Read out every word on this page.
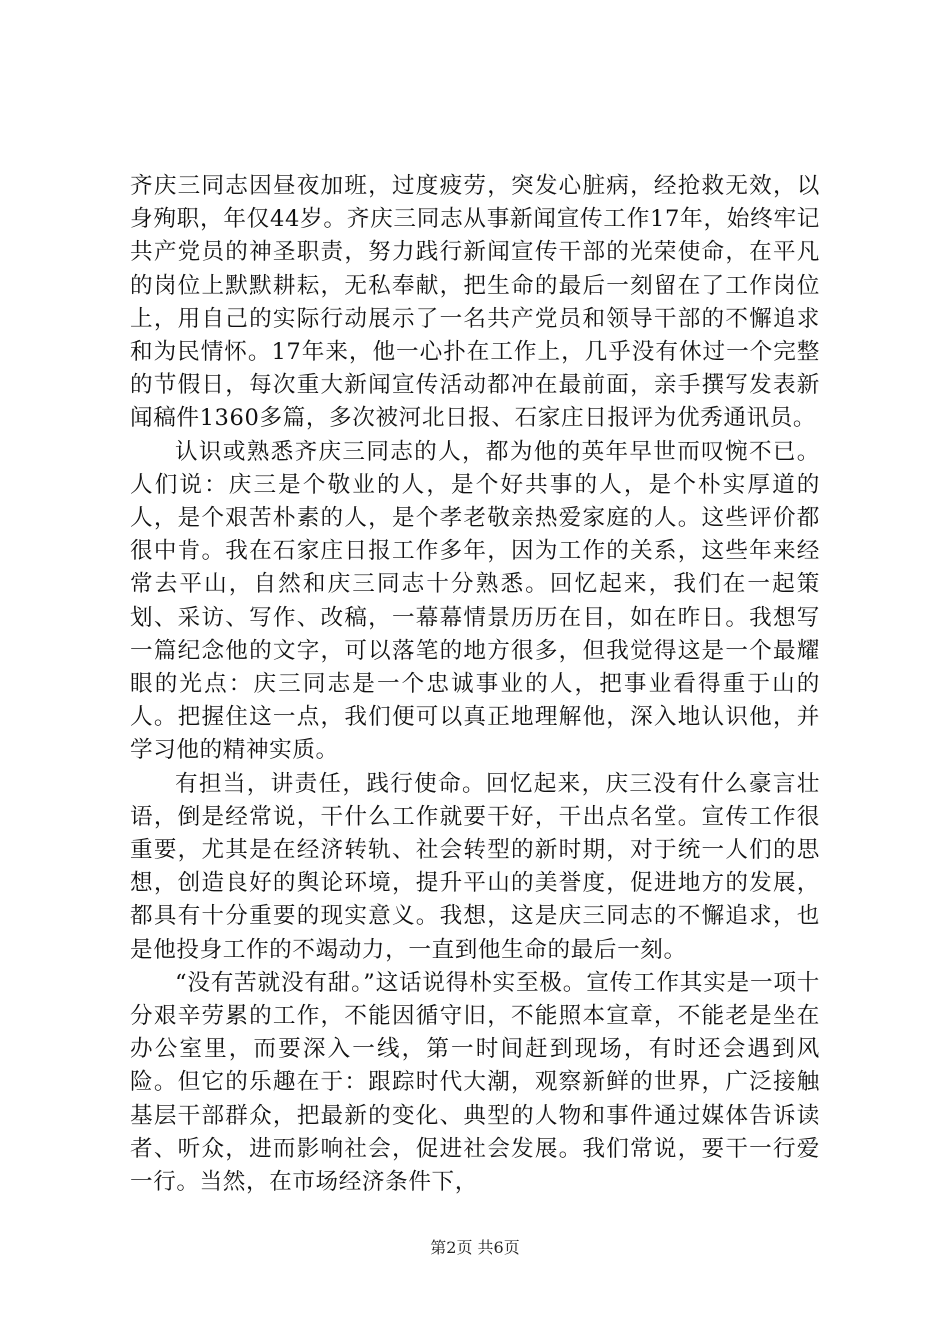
齐庆三同志因昼夜加班，过度疲劳，突发心脏病，经抢救无效，以身殉职，年仅44岁。齐庆三同志从事新闻宣传工作17年，始终牢记共产党员的神圣职责，努力践行新闻宣传干部的光荣使命，在平凡的岗位上默默耕耘，无私奉献，把生命的最后一刻留在了工作岗位上，用自己的实际行动展示了一名共产党员和领导干部的不懈追求和为民情怀。17年来，他一心扑在工作上，几乎没有休过一个完整的节假日，每次重大新闻宣传活动都冲在最前面，亲手撰写发表新闻稿件1360多篇，多次被河北日报、石家庄日报评为优秀通讯员。

认识或熟悉齐庆三同志的人，都为他的英年早世而叹惋不已。人们说：庆三是个敬业的人，是个好共事的人，是个朴实厚道的人，是个艰苦朴素的人，是个孝老敬亲热爱家庭的人。这些评价都很中肯。我在石家庄日报工作多年，因为工作的关系，这些年来经常去平山，自然和庆三同志十分熟悉。回忆起来，我们在一起策划、采访、写作、改稿，一幕幕情景历历在目，如在昨日。我想写一篇纪念他的文字，可以落笔的地方很多，但我觉得这是一个最耀眼的光点：庆三同志是一个忠诚事业的人，把事业看得重于山的人。把握住这一点，我们便可以真正地理解他，深入地认识他，并学习他的精神实质。

有担当，讲责任，践行使命。回忆起来，庆三没有什么豪言壮语，倒是经常说，干什么工作就要干好，干出点名堂。宣传工作很重要，尤其是在经济转轨、社会转型的新时期，对于统一人们的思想，创造良好的舆论环境，提升平山的美誉度，促进地方的发展，都具有十分重要的现实意义。我想，这是庆三同志的不懈追求，也是他投身工作的不竭动力，一直到他生命的最后一刻。

“没有苦就没有甜。”这话说得朴实至极。宣传工作其实是一项十分艰辛劳累的工作，不能因循守旧，不能照本宣章，不能老是坐在办公室里，而要深入一线，第一时间赶到现场，有时还会遇到风险。但它的乐趣在于：跟踪时代大潮，观察新鲜的世界，广泛接触基层干部群众，把最新的变化、典型的人物和事件通过媒体告诉读者、听众，进而影响社会，促进社会发展。我们常说，要干一行爱一行。当然，在市场经济条件下，

第2页 共6页
